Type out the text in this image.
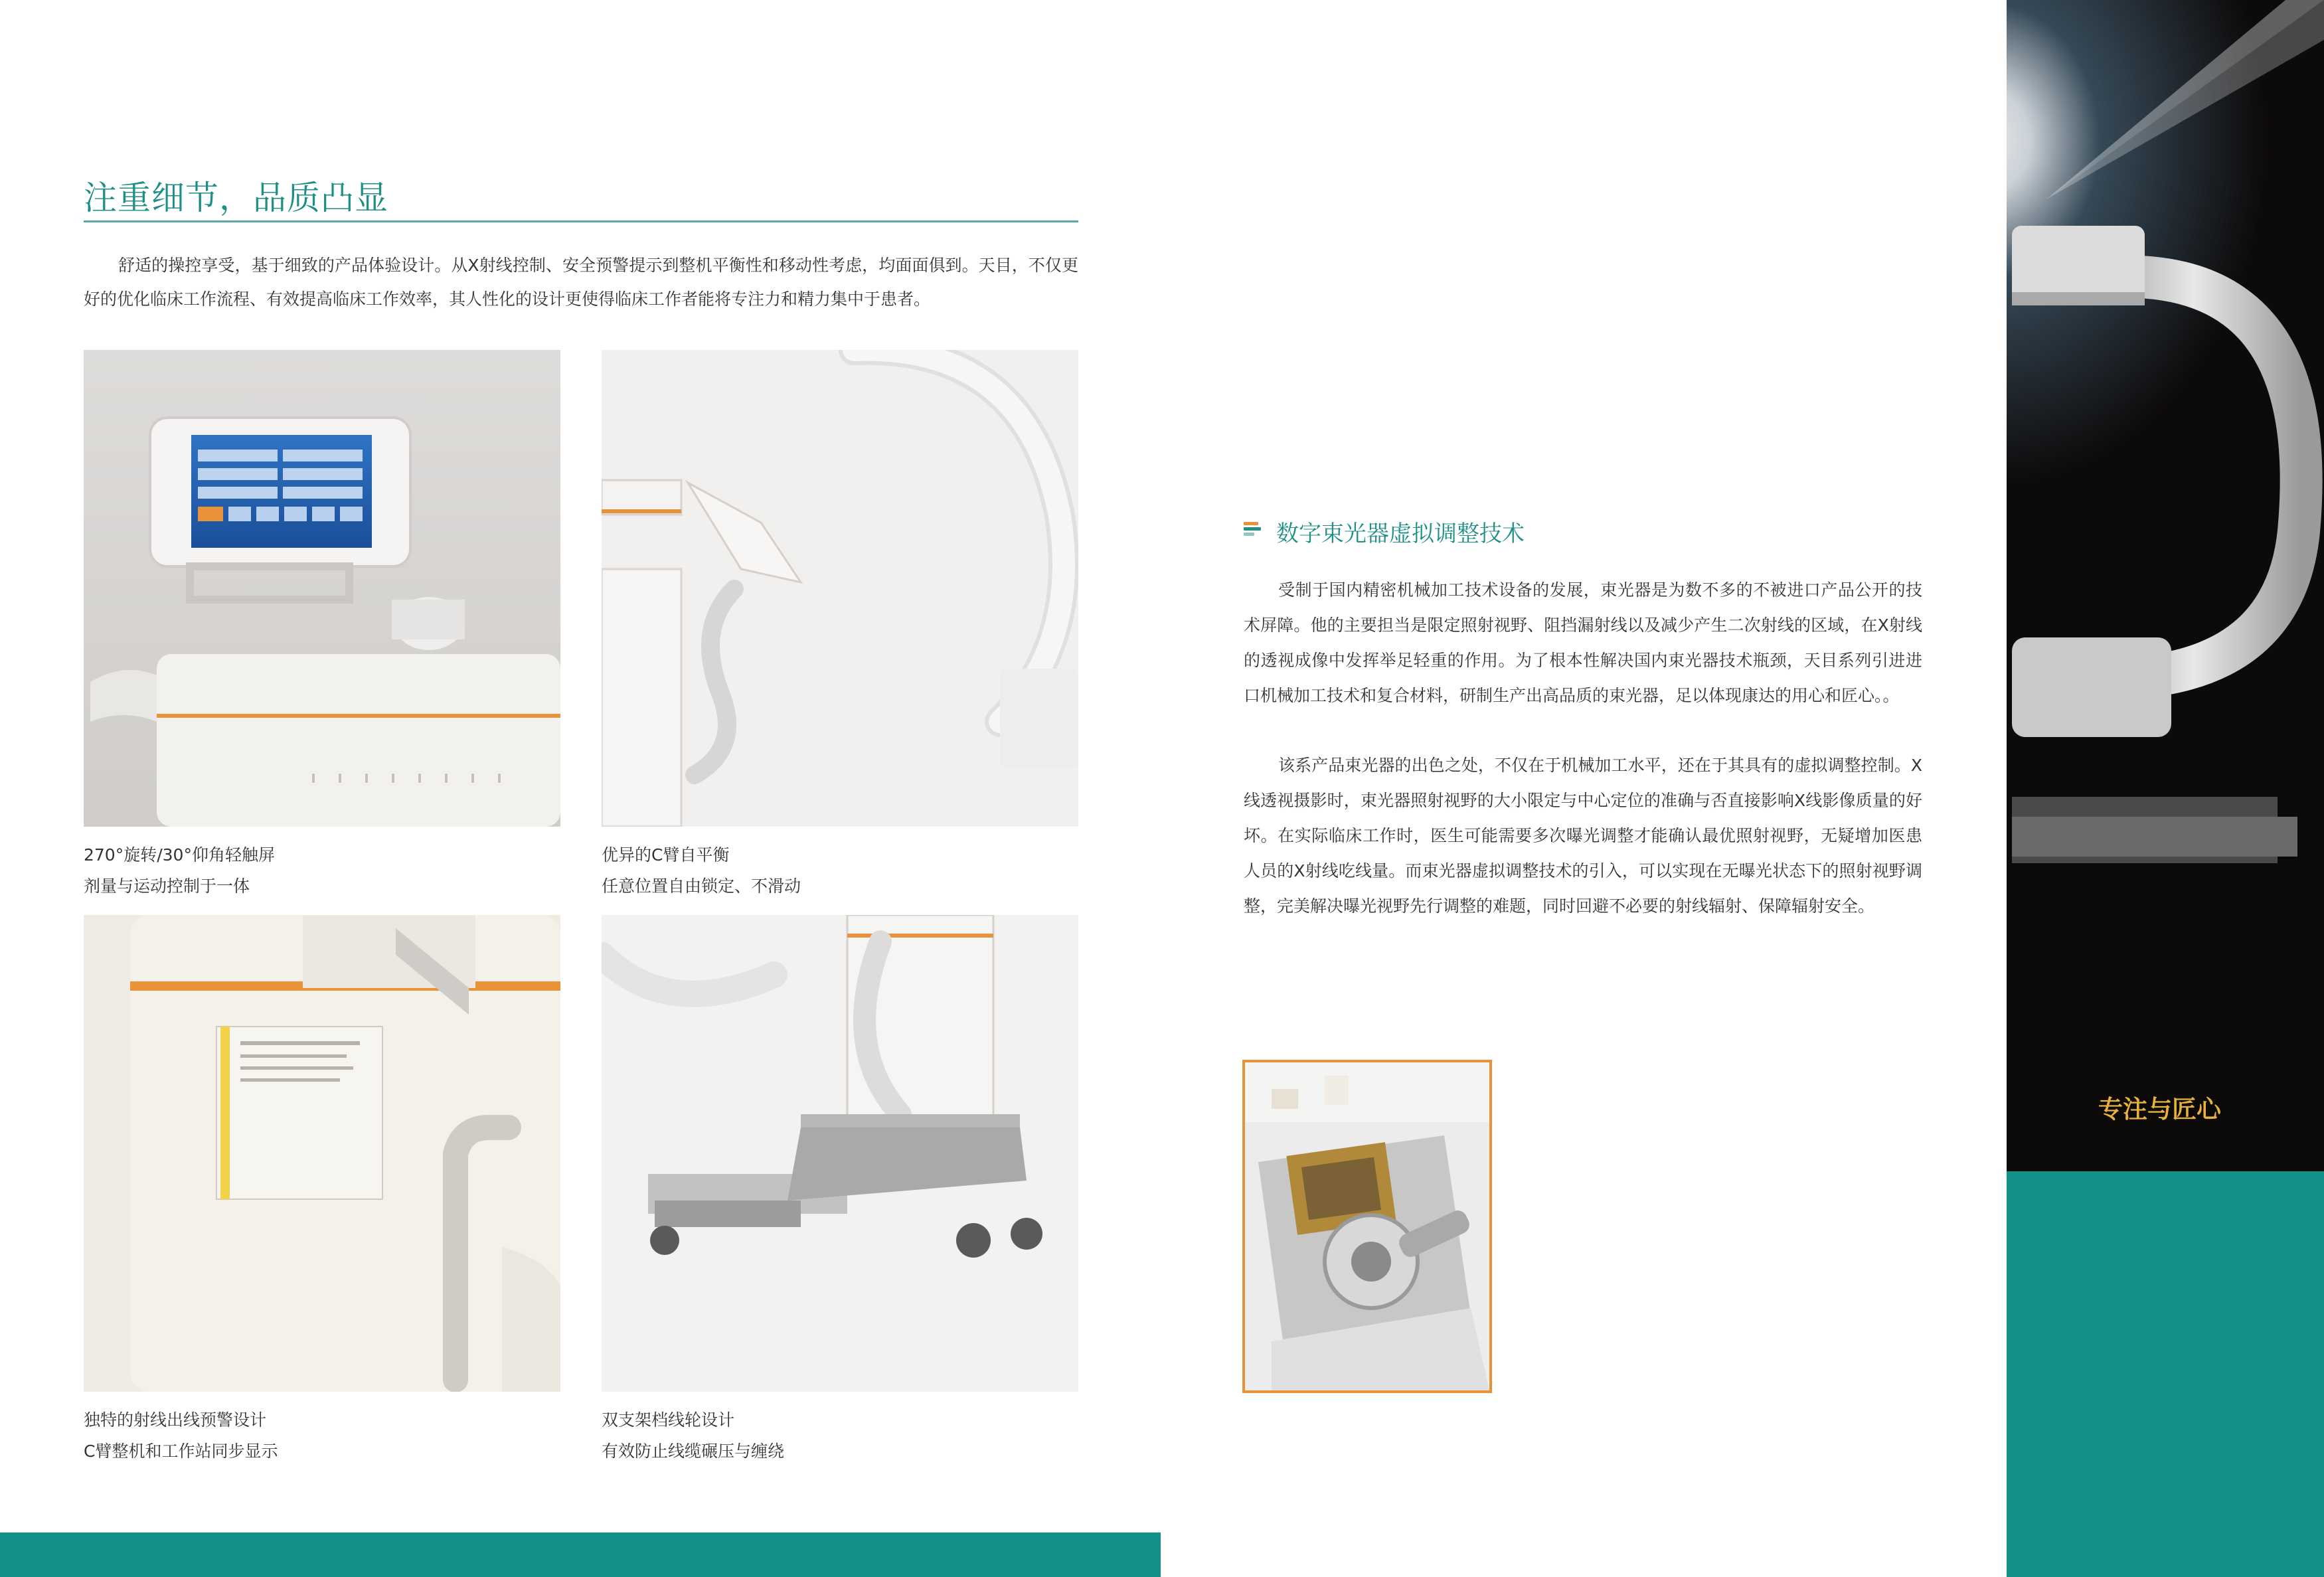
注重细节，品质凸显
舒适的操控享受，基于细致的产品体验设计。从X射线控制、安全预警提示到整机平衡性和移动性考虑，均面面俱到。天目，不仅更好的优化临床工作流程、有效提高临床工作效率，其人性化的设计更使得临床工作者能将专注力和精力集中于患者。
270°旋转/30°仰角轻触屏
剂量与运动控制于一体
优异的C臂自平衡
任意位置自由锁定、不滑动
独特的射线出线预警设计
C臂整机和工作站同步显示
双支架档线轮设计
有效防止线缆碾压与缠绕
数字束光器虚拟调整技术
受制于国内精密机械加工技术设备的发展，束光器是为数不多的不被进口产品公开的技术屏障。他的主要担当是限定照射视野、阻挡漏射线以及减少产生二次射线的区域，在X射线的透视成像中发挥举足轻重的作用。为了根本性解决国内束光器技术瓶颈，天目系列引进进口机械加工技术和复合材料，研制生产出高品质的束光器，足以体现康达的用心和匠心。。
该系产品束光器的出色之处，不仅在于机械加工水平，还在于其具有的虚拟调整控制。X线透视摄影时，束光器照射视野的大小限定与中心定位的准确与否直接影响X线影像质量的好坏。在实际临床工作时，医生可能需要多次曝光调整才能确认最优照射视野，无疑增加医患人员的X射线吃线量。而束光器虚拟调整技术的引入，可以实现在无曝光状态下的照射视野调整，完美解决曝光视野先行调整的难题，同时回避不必要的射线辐射、保障辐射安全。
专注与匠心
